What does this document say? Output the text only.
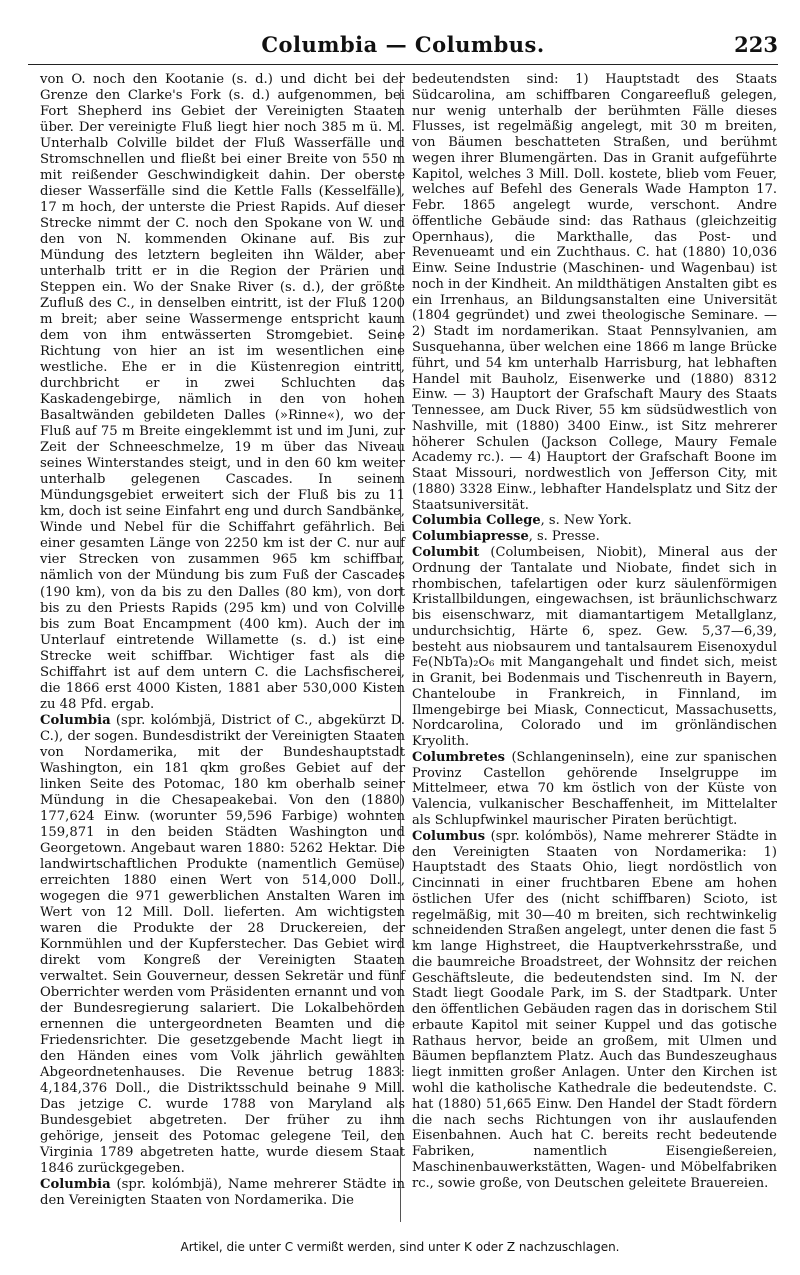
Columbia — Columbus.	223

von O. noch den Kootanie (s. d.) und dicht bei der Grenze den Clarke's Fork (s. d.) aufgenommen, bei Fort Shepherd ins Gebiet der Vereinigten Staaten über. Der vereinigte Fluß liegt hier noch 385 m ü. M. Unterhalb Colville bildet der Fluß Wasserfälle und Stromschnellen und fließt bei einer Breite von 550 m mit reißender Geschwindigkeit dahin. Der oberste dieser Wasserfälle sind die Kettle Falls (Kesselfälle), 17 m hoch, der unterste die Priest Rapids. Auf dieser Strecke nimmt der C. noch den Spokane von W. und den von N. kommenden Okinane auf. Bis zur Mündung des letztern begleiten ihn Wälder, aber unterhalb tritt er in die Region der Prärien und Steppen ein. Wo der Snake River (s. d.), der größte Zufluß des C., in denselben eintritt, ist der Fluß 1200 m breit; aber seine Wassermenge entspricht kaum dem von ihm entwässerten Stromgebiet. Seine Richtung von hier an ist im wesentlichen eine westliche. Ehe er in die Küstenregion eintritt, durchbricht er in zwei Schluchten das Kaskadengebirge, nämlich in den von hohen Basaltwänden gebildeten Dalles (»Rinne«), wo der Fluß auf 75 m Breite eingeklemmt ist und im Juni, zur Zeit der Schneeschmelze, 19 m über das Niveau seines Winterstandes steigt, und in den 60 km weiter unterhalb gelegenen Cascades. In seinem Mündungsgebiet erweitert sich der Fluß bis zu 11 km, doch ist seine Einfahrt eng und durch Sandbänke, Winde und Nebel für die Schiffahrt gefährlich. Bei einer gesamten Länge von 2250 km ist der C. nur auf vier Strecken von zusammen 965 km schiffbar, nämlich von der Mündung bis zum Fuß der Cascades (190 km), von da bis zu den Dalles (80 km), von dort bis zu den Priests Rapids (295 km) und von Colville bis zum Boat Encampment (400 km). Auch der im Unterlauf eintretende Willamette (s. d.) ist eine Strecke weit schiffbar. Wichtiger fast als die Schiffahrt ist auf dem untern C. die Lachsfischerei, die 1866 erst 4000 Kisten, 1881 aber 530,000 Kisten zu 48 Pfd. ergab.

Columbia (spr. kolómbjä, District of C., abgekürzt D. C.), der sogen. Bundesdistrikt der Vereinigten Staaten von Nordamerika, mit der Bundeshauptstadt Washington, ein 181 qkm großes Gebiet auf der linken Seite des Potomac, 180 km oberhalb seiner Mündung in die Chesapeakebai. Von den (1880) 177,624 Einw. (worunter 59,596 Farbige) wohnten 159,871 in den beiden Städten Washington und Georgetown. Angebaut waren 1880: 5262 Hektar. Die landwirtschaftlichen Produkte (namentlich Gemüse) erreichten 1880 einen Wert von 514,000 Doll., wogegen die 971 gewerblichen Anstalten Waren im Wert von 12 Mill. Doll. lieferten. Am wichtigsten waren die Produkte der 28 Druckereien, der Kornmühlen und der Kupferstecher. Das Gebiet wird direkt vom Kongreß der Vereinigten Staaten verwaltet. Sein Gouverneur, dessen Sekretär und fünf Oberrichter werden vom Präsidenten ernannt und von der Bundesregierung salariert. Die Lokalbehörden ernennen die untergeordneten Beamten und die Friedensrichter. Die gesetzgebende Macht liegt in den Händen eines vom Volk jährlich gewählten Abgeordnetenhauses. Die Revenue betrug 1883: 4,184,376 Doll., die Distriktsschuld beinahe 9 Mill. Das jetzige C. wurde 1788 von Maryland als Bundesgebiet abgetreten. Der früher zu ihm gehörige, jenseit des Potomac gelegene Teil, den Virginia 1789 abgetreten hatte, wurde diesem Staat 1846 zurückgegeben.

Columbia (spr. kolómbjä), Name mehrerer Städte in den Vereinigten Staaten von Nordamerika. Die

bedeutendsten sind: 1) Hauptstadt des Staats Südcarolina, am schiffbaren Congareefluß gelegen, nur wenig unterhalb der berühmten Fälle dieses Flusses, ist regelmäßig angelegt, mit 30 m breiten, von Bäumen beschatteten Straßen, und berühmt wegen ihrer Blumengärten. Das in Granit aufgeführte Kapitol, welches 3 Mill. Doll. kostete, blieb vom Feuer, welches auf Befehl des Generals Wade Hampton 17. Febr. 1865 angelegt wurde, verschont. Andre öffentliche Gebäude sind: das Rathaus (gleichzeitig Opernhaus), die Markthalle, das Post- und Revenueamt und ein Zuchthaus. C. hat (1880) 10,036 Einw. Seine Industrie (Maschinen- und Wagenbau) ist noch in der Kindheit. An mildthätigen Anstalten gibt es ein Irrenhaus, an Bildungsanstalten eine Universität (1804 gegründet) und zwei theologische Seminare. — 2) Stadt im nordamerikan. Staat Pennsylvanien, am Susquehanna, über welchen eine 1866 m lange Brücke führt, und 54 km unterhalb Harrisburg, hat lebhaften Handel mit Bauholz, Eisenwerke und (1880) 8312 Einw. — 3) Hauptort der Grafschaft Maury des Staats Tennessee, am Duck River, 55 km südsüdwestlich von Nashville, mit (1880) 3400 Einw., ist Sitz mehrerer höherer Schulen (Jackson College, Maury Female Academy rc.). — 4) Hauptort der Grafschaft Boone im Staat Missouri, nordwestlich von Jefferson City, mit (1880) 3328 Einw., lebhafter Handelsplatz und Sitz der Staatsuniversität.

Columbia College, s. New York.

Columbiapresse, s. Presse.

Columbit (Columbeisen, Niobit), Mineral aus der Ordnung der Tantalate und Niobate, findet sich in rhombischen, tafelartigen oder kurz säulenförmigen Kristallbildungen, eingewachsen, ist bräunlichschwarz bis eisenschwarz, mit diamantartigem Metallglanz, undurchsichtig, Härte 6, spez. Gew. 5,37—6,39, besteht aus niobsaurem und tantalsaurem Eisenoxydul Fe(NbTa)₂O₆ mit Mangangehalt und findet sich, meist in Granit, bei Bodenmais und Tischenreuth in Bayern, Chanteloube in Frankreich, in Finnland, im Ilmengebirge bei Miask, Connecticut, Massachusetts, Nordcarolina, Colorado und im grönländischen Kryolith.

Columbretes (Schlangeninseln), eine zur spanischen Provinz Castellon gehörende Inselgruppe im Mittelmeer, etwa 70 km östlich von der Küste von Valencia, vulkanischer Beschaffenheit, im Mittelalter als Schlupfwinkel maurischer Piraten berüchtigt.

Columbus (spr. kolómbös), Name mehrerer Städte in den Vereinigten Staaten von Nordamerika: 1) Hauptstadt des Staats Ohio, liegt nordöstlich von Cincinnati in einer fruchtbaren Ebene am hohen östlichen Ufer des (nicht schiffbaren) Scioto, ist regelmäßig, mit 30—40 m breiten, sich rechtwinkelig schneidenden Straßen angelegt, unter denen die fast 5 km lange Highstreet, die Hauptverkehrsstraße, und die baumreiche Broadstreet, der Wohnsitz der reichen Geschäftsleute, die bedeutendsten sind. Im N. der Stadt liegt Goodale Park, im S. der Stadtpark. Unter den öffentlichen Gebäuden ragen das in dorischem Stil erbaute Kapitol mit seiner Kuppel und das gotische Rathaus hervor, beide an großem, mit Ulmen und Bäumen bepflanztem Platz. Auch das Bundeszeughaus liegt inmitten großer Anlagen. Unter den Kirchen ist wohl die katholische Kathedrale die bedeutendste. C. hat (1880) 51,665 Einw. Den Handel der Stadt fördern die nach sechs Richtungen von ihr auslaufenden Eisenbahnen. Auch hat C. bereits recht bedeutende Fabriken, namentlich Eisengießereien, Maschinenbauwerkstätten, Wagen- und Möbelfabriken rc., sowie große, von Deutschen geleitete Brauereien.

Artikel, die unter C vermißt werden, sind unter K oder Z nachzuschlagen.
